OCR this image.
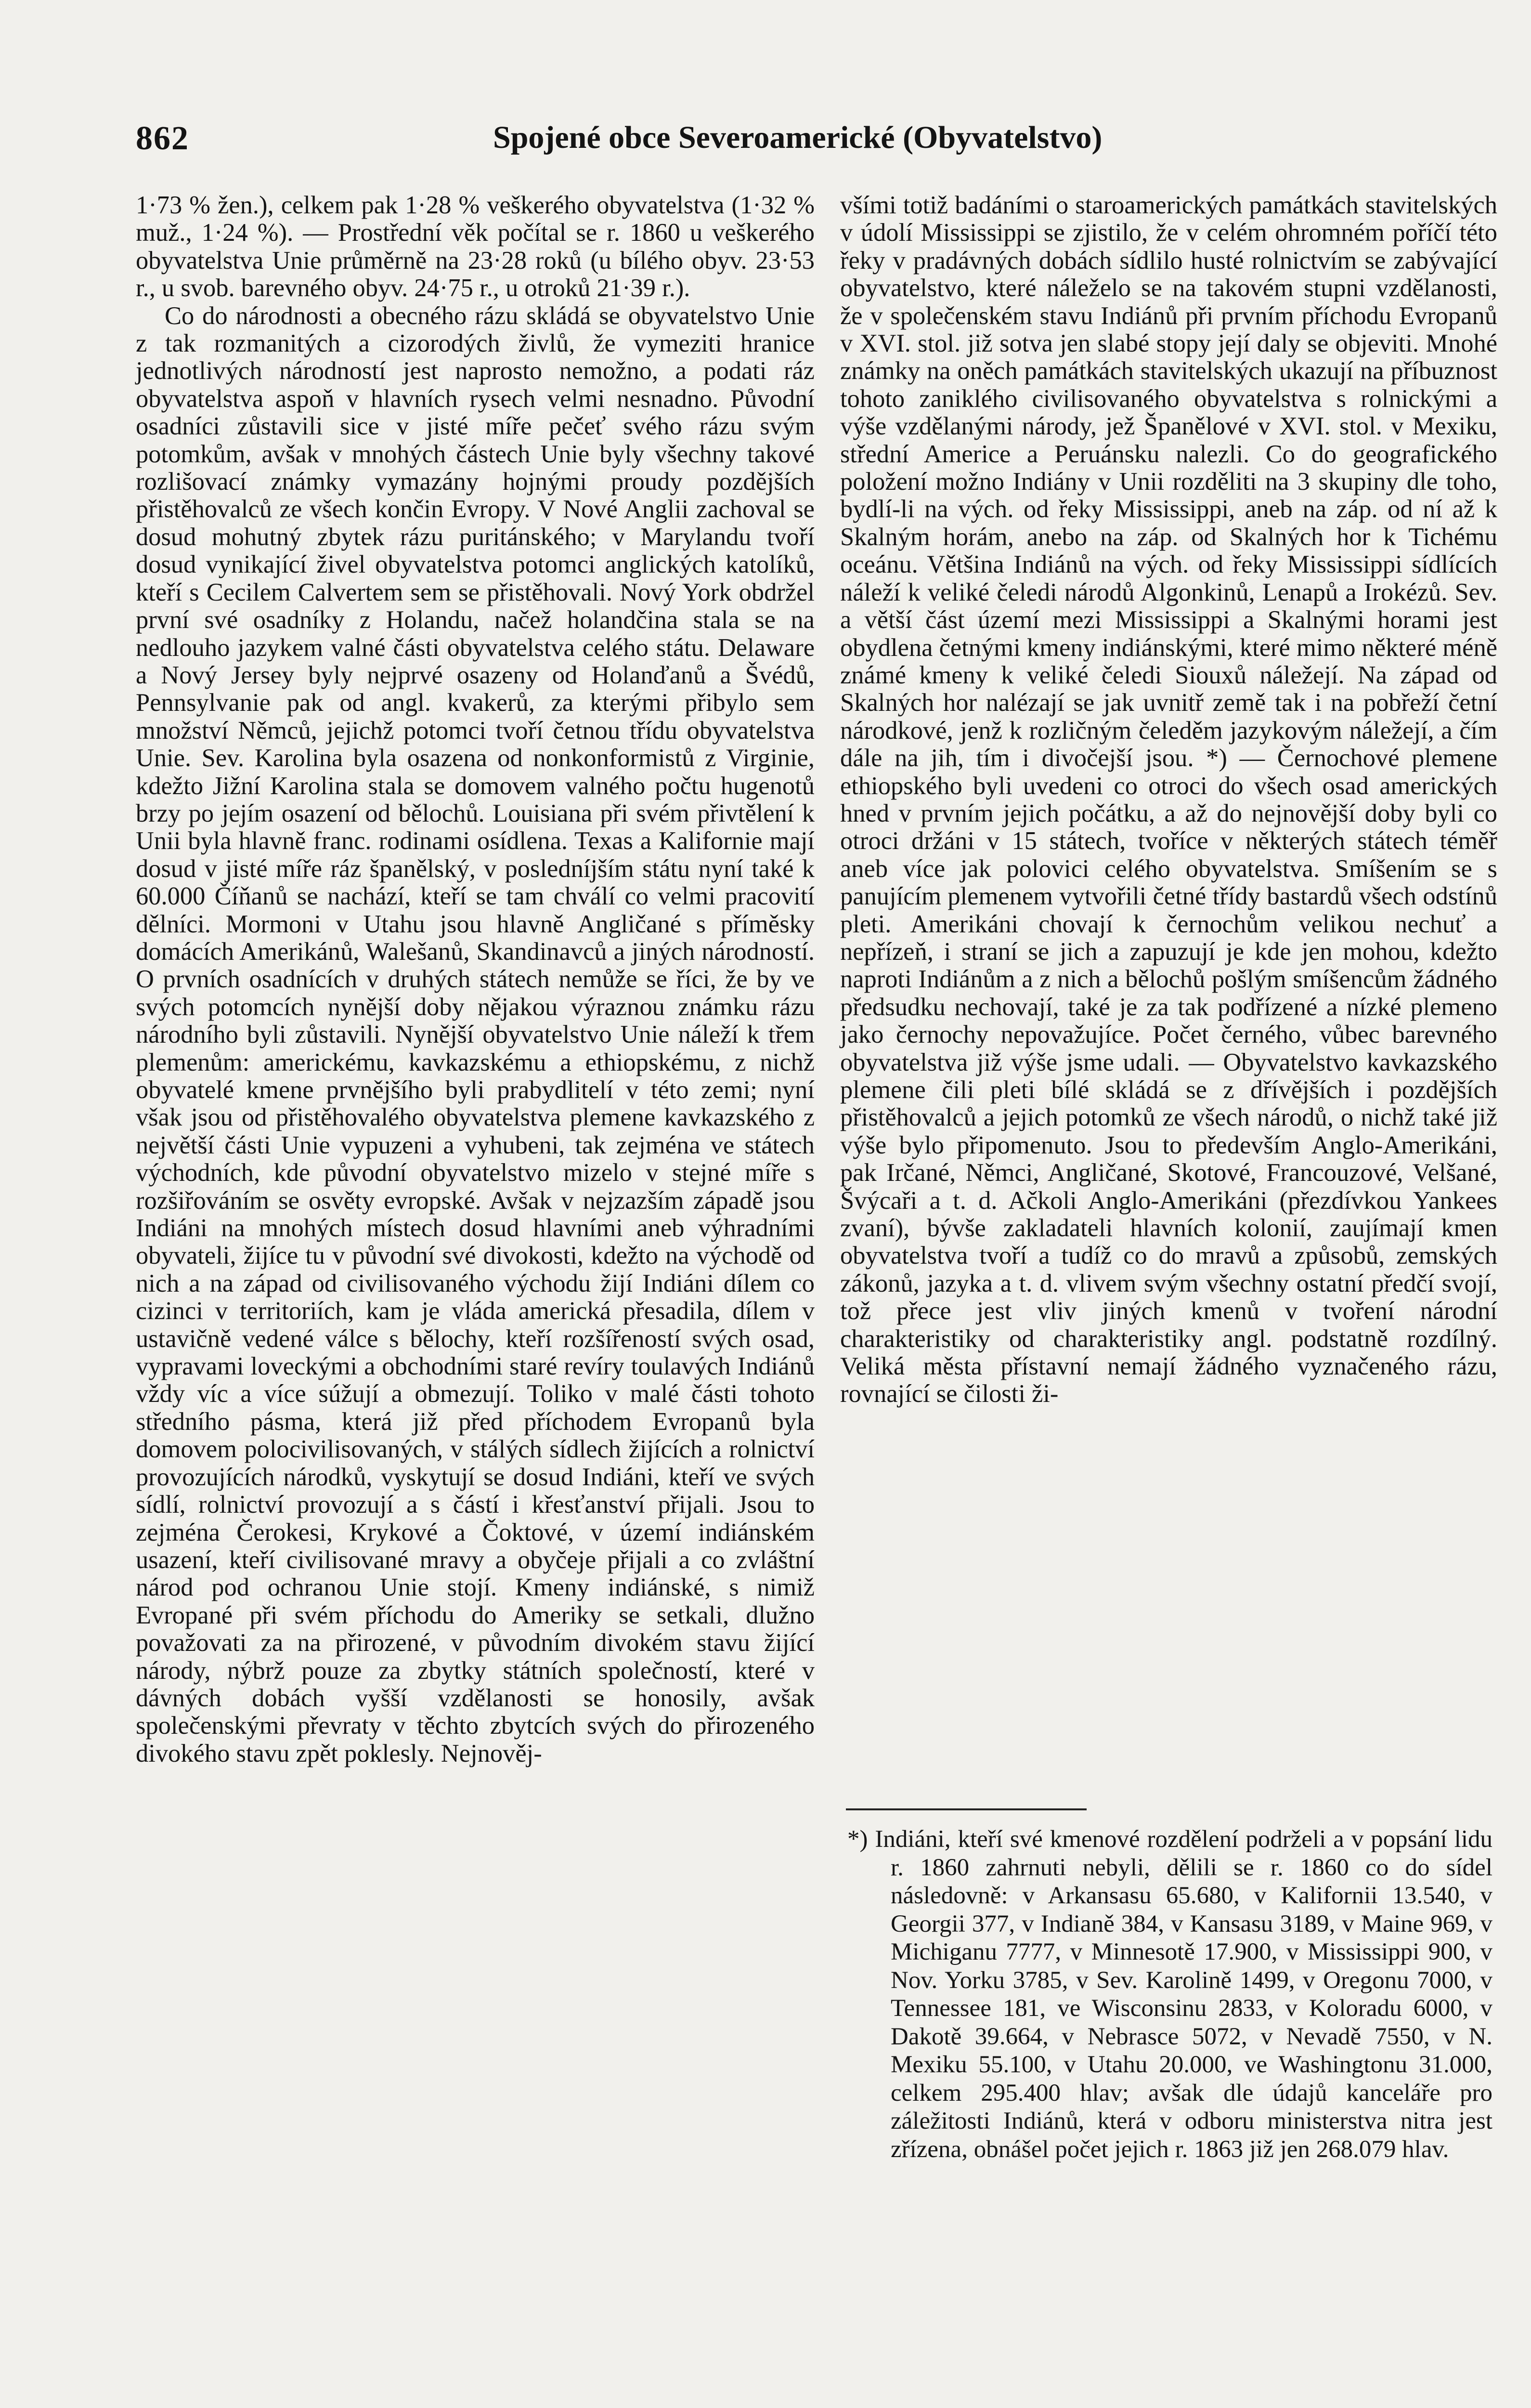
862	Spojené obce Severoamerické (Obyvatelstvo)

1·73 % žen.), celkem pak 1·28 % veškerého obyvatelstva (1·32 % muž., 1·24 %). — Prostřední věk počítal se r. 1860 u veškerého obyvatelstva Unie průměrně na 23·28 roků (u bílého obyv. 23·53 r., u svob. barevného obyv. 24·75 r., u otroků 21·39 r.).

Co do národnosti a obecného rázu skládá se obyvatelstvo Unie z tak rozmanitých a cizorodých živlů, že vymeziti hranice jednotlivých národností jest naprosto nemožno, a podati ráz obyvatelstva aspoň v hlavních rysech velmi nesnadno. Původní osadníci zůstavili sice v jisté míře pečeť svého rázu svým potomkům, avšak v mnohých částech Unie byly všechny takové rozlišovací známky vymazány hojnými proudy pozdějších přistěhovalců ze všech končin Evropy. V Nové Anglii zachoval se dosud mohutný zbytek rázu puritánského; v Marylandu tvoří dosud vynikající živel obyvatelstva potomci anglických katolíků, kteří s Cecilem Calvertem sem se přistěhovali. Nový York obdržel první své osadníky z Holandu, načež holandčina stala se na nedlouho jazykem valné části obyvatelstva celého státu. Delaware a Nový Jersey byly nejprvé osazeny od Holanďanů a Švédů, Pennsylvanie pak od angl. kvakerů, za kterými přibylo sem množství Němců, jejichž potomci tvoří četnou třídu obyvatelstva Unie. Sev. Karolina byla osazena od nonkonformistů z Virginie, kdežto Jižní Karolina stala se domovem valného počtu hugenotů brzy po jejím osazení od bělochů. Louisiana při svém přivtělení k Unii byla hlavně franc. rodinami osídlena. Texas a Kalifornie mají dosud v jisté míře ráz španělský, v posledníjším státu nyní také k 60.000 Číňanů se nachází, kteří se tam chválí co velmi pracovití dělníci. Mormoni v Utahu jsou hlavně Angličané s příměsky domácích Amerikánů, Walešanů, Skandinavců a jiných národností. O prvních osadnících v druhých státech nemůže se říci, že by ve svých potomcích nynější doby nějakou výraznou známku rázu národního byli zůstavili. Nynější obyvatelstvo Unie náleží k třem plemenům: americkému, kavkazskému a ethiopskému, z nichž obyvatelé kmene prvnějšího byli prabydlitelí v této zemi; nyní však jsou od přistěhovalého obyvatelstva plemene kavkazského z největší části Unie vypuzeni a vyhubeni, tak zejména ve státech východních, kde původní obyvatelstvo mizelo v stejné míře s rozšiřováním se osvěty evropské. Avšak v nejzazším západě jsou Indiáni na mnohých místech dosud hlavními aneb výhradními obyvateli, žijíce tu v původní své divokosti, kdežto na východě od nich a na západ od civilisovaného východu žijí Indiáni dílem co cizinci v territoriích, kam je vláda americká přesadila, dílem v ustavičně vedené válce s bělochy, kteří rozšířeností svých osad, vypravami loveckými a obchodními staré revíry toulavých Indiánů vždy víc a více súžují a obmezují. Toliko v malé části tohoto středního pásma, která již před příchodem Evropanů byla domovem polocivilisovaných, v stálých sídlech žijících a rolnictví provozujících národků, vyskytují se dosud Indiáni, kteří ve svých sídlí, rolnictví provozují a s částí i křesťanství přijali. Jsou to zejména Čerokesi, Krykové a Čoktové, v území indiánském usazení, kteří civilisované mravy a obyčeje přijali a co zvláštní národ pod ochranou Unie stojí. Kmeny indiánské, s nimiž Evropané při svém příchodu do Ameriky se setkali, dlužno považovati za na přirozené, v původním divokém stavu žijící národy, nýbrž pouze za zbytky státních společností, které v dávných dobách vyšší vzdělanosti se honosily, avšak společenskými převraty v těchto zbytcích svých do přirozeného divokého stavu zpět poklesly. Nejnověj-

všími totiž badáními o staroamerických památkách stavitelských v údolí Mississippi se zjistilo, že v celém ohromném poříčí této řeky v pradávných dobách sídlilo husté rolnictvím se zabývající obyvatelstvo, které náleželo se na takovém stupni vzdělanosti, že v společenském stavu Indiánů při prvním příchodu Evropanů v XVI. stol. již sotva jen slabé stopy její daly se objeviti. Mnohé známky na oněch památkách stavitelských ukazují na příbuznost tohoto zaniklého civilisovaného obyvatelstva s rolnickými a výše vzdělanými národy, jež Španělové v XVI. stol. v Mexiku, střední Americe a Peruánsku nalezli. Co do geografického položení možno Indiány v Unii rozděliti na 3 skupiny dle toho, bydlí-li na vých. od řeky Mississippi, aneb na záp. od ní až k Skalným horám, anebo na záp. od Skalných hor k Tichému oceánu. Většina Indiánů na vých. od řeky Mississippi sídlících náleží k veliké čeledi národů Algonkinů, Lenapů a Irokézů. Sev. a větší část území mezi Mississippi a Skalnými horami jest obydlena četnými kmeny indiánskými, které mimo některé méně známé kmeny k veliké čeledi Siouxů náležejí. Na západ od Skalných hor nalézají se jak uvnitř země tak i na pobřeží četní národkové, jenž k rozličným čeleděm jazykovým náležejí, a čím dále na jih, tím i divočejší jsou. *) — Černochové plemene ethiopského byli uvedeni co otroci do všech osad amerických hned v prvním jejich počátku, a až do nejnovější doby byli co otroci držáni v 15 státech, tvoříce v některých státech téměř aneb více jak polovici celého obyvatelstva. Smíšením se s panujícím plemenem vytvořili četné třídy bastardů všech odstínů pleti. Amerikáni chovají k černochům velikou nechuť a nepřízeň, i straní se jich a zapuzují je kde jen mohou, kdežto naproti Indiánům a z nich a bělochů pošlým smíšencům žádného předsudku nechovají, také je za tak podřízené a nízké plemeno jako černochy nepovažujíce. Počet černého, vůbec barevného obyvatelstva již výše jsme udali. — Obyvatelstvo kavkazského plemene čili pleti bílé skládá se z dřívějších i pozdějších přistěhovalců a jejich potomků ze všech národů, o nichž také již výše bylo připomenuto. Jsou to především Anglo-Amerikáni, pak Irčané, Němci, Angličané, Skotové, Francouzové, Velšané, Švýcaři a t. d. Ačkoli Anglo-Amerikáni (přezdívkou Yankees zvaní), bývše zakladateli hlavních kolonií, zaujímají kmen obyvatelstva tvoří a tudíž co do mravů a způsobů, zemských zákonů, jazyka a t. d. vlivem svým všechny ostatní předčí svojí, tož přece jest vliv jiných kmenů v tvoření národní charakteristiky od charakteristiky angl. podstatně rozdílný. Veliká města přístavní nemají žádného vyznačeného rázu, rovnající se čilosti ži-

*) Indiáni, kteří své kmenové rozdělení podrželi a v popsání lidu r. 1860 zahrnuti nebyli, dělili se r. 1860 co do sídel následovně: v Arkansasu 65.680, v Kalifornii 13.540, v Georgii 377, v Indianě 384, v Kansasu 3189, v Maine 969, v Michiganu 7777, v Minnesotě 17.900, v Mississippi 900, v Nov. Yorku 3785, v Sev. Karolině 1499, v Oregonu 7000, v Tennessee 181, ve Wisconsinu 2833, v Koloradu 6000, v Dakotě 39.664, v Nebrasce 5072, v Nevadě 7550, v N. Mexiku 55.100, v Utahu 20.000, ve Washingtonu 31.000, celkem 295.400 hlav; avšak dle údajů kanceláře pro záležitosti Indiánů, která v odboru ministerstva nitra jest zřízena, obnášel počet jejich r. 1863 již jen 268.079 hlav.
